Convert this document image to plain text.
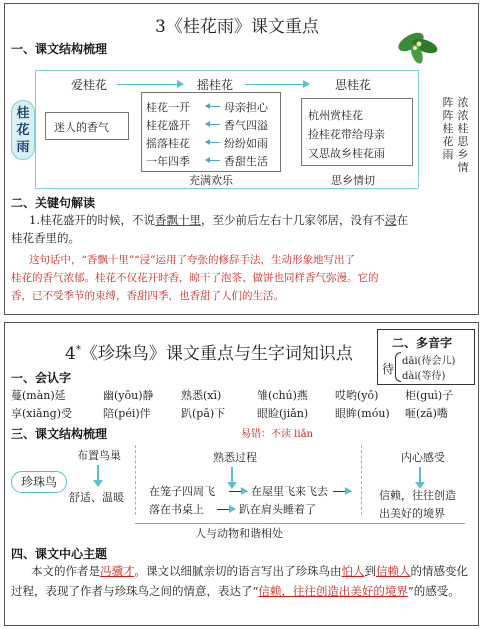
3《桂花雨》课文重点
一、课文结构梳理
桂花雨
爱桂花	摇桂花	思桂花
迷人的香气
桂花一开
桂花盛开
摇落桂花
一年四季
母亲担心
香气四溢
纷纷如雨
香甜生活
充满欢乐
杭州赏桂花
捡桂花带给母亲
又思故乡桂花雨
思乡情切
阵
阵
桂
花
雨
浓
浓
桂
思
乡
情
二、关键句解读
1.桂花盛开的时候，不说香飘十里，至少前后左右十几家邻居，没有不浸在
桂花香里的。
这句话中，“香飘十里”“浸”运用了夸张的修辞手法，生动形象地写出了
桂花的香气浓郁。桂花不仅花开时香，晾干了泡茶、做饼也同样香气弥漫。它的
香，已不受季节的束缚，香甜四季，也香甜了人们的生活。
4*《珍珠鸟》课文重点与生字词知识点
二、多音字
待
dāi(待会儿)
dài(等待)
一、会认字
蔓(màn)延	幽(yōu)静 熟悉(xī)	雏(chú)燕 哎哟(yō) 柜(guì)子
享(xiǎng)受	陪(péi)伴	趴(pā)下	眼睑(jiǎn) 眼眸(móu) 咂(zā)嘴
三、课文结构梳理	易错：不读 liǎn
珍珠鸟
布置鸟巢
舒适、温暖
熟悉过程
在笼子四周飞	在屋里飞来飞去
落在书桌上	趴在肩头睡着了
内心感受
信赖，往往创造
出美好的境界
人与动物和谐相处
四、课文中心主题
本文的作者是冯骥才。课文以细腻亲切的语言写出了珍珠鸟由怕人到信赖人的情感变化过程，表现了作者与珍珠鸟之间的情意，表达了“信赖，往往创造出美好的境界”的感受。
